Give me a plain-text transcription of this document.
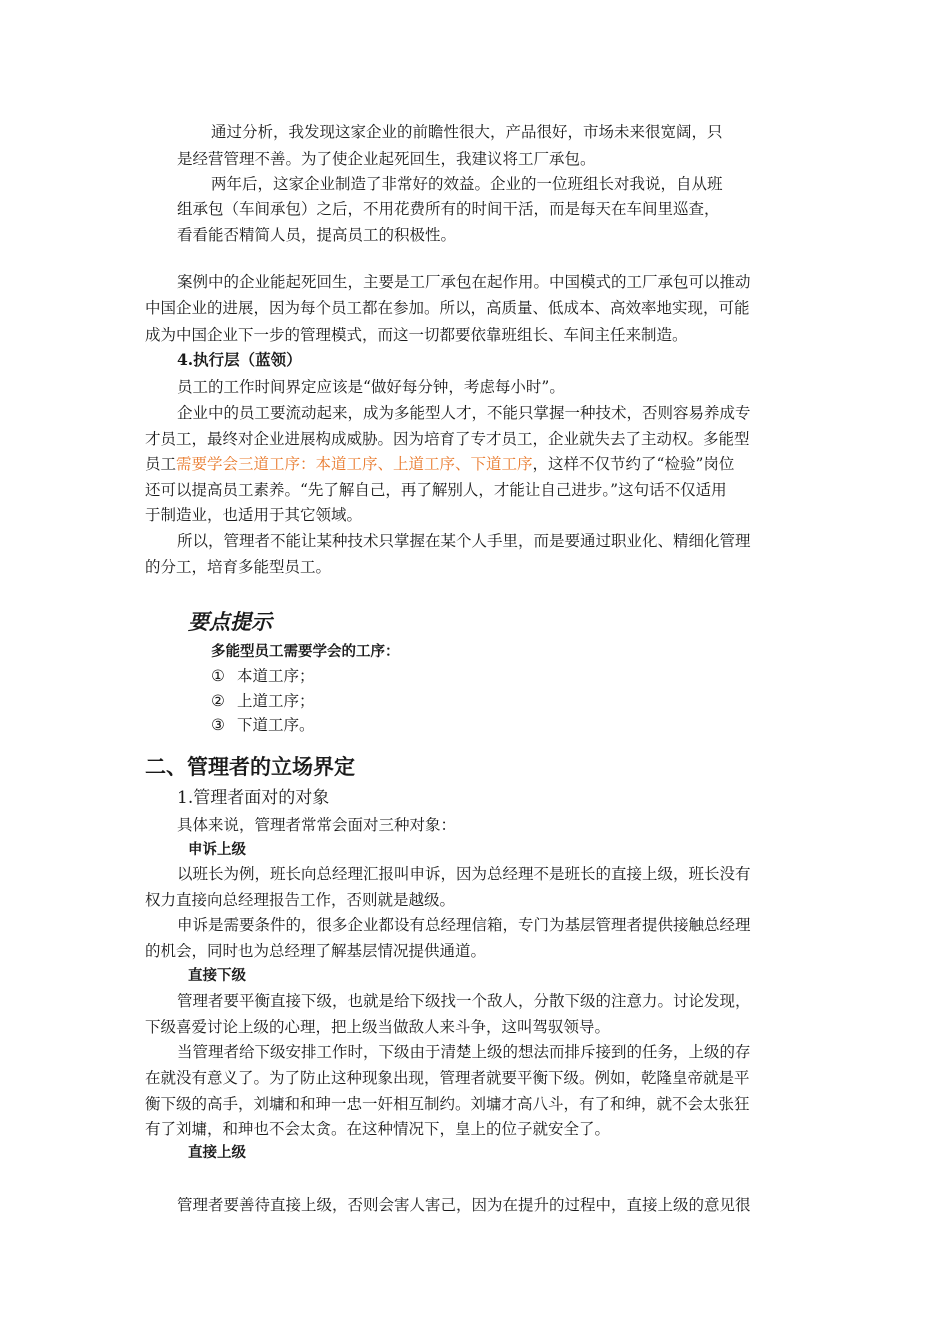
通过分析，我发现这家企业的前瞻性很大，产品很好，市场未来很宽阔，只
是经营管理不善。为了使企业起死回生，我建议将工厂承包。
两年后，这家企业制造了非常好的效益。企业的一位班组长对我说，自从班
组承包（车间承包）之后，不用花费所有的时间干活，而是每天在车间里巡查，
看看能否精简人员，提高员工的积极性。
案例中的企业能起死回生，主要是工厂承包在起作用。中国模式的工厂承包可以推动
中国企业的进展，因为每个员工都在参加。所以，高质量、低成本、高效率地实现，可能
成为中国企业下一步的管理模式，而这一切都要依靠班组长、车间主任来制造。
4.执行层（蓝领）
员工的工作时间界定应该是“做好每分钟，考虑每小时”。
企业中的员工要流动起来，成为多能型人才，不能只掌握一种技术，否则容易养成专
才员工，最终对企业进展构成威胁。因为培育了专才员工，企业就失去了主动权。多能型
员工需要学会三道工序：本道工序、上道工序、下道工序，这样不仅节约了“检验”岗位
还可以提高员工素养。“先了解自己，再了解别人，才能让自己进步。”这句话不仅适用
于制造业，也适用于其它领域。
所以，管理者不能让某种技术只掌握在某个人手里，而是要通过职业化、精细化管理
的分工，培育多能型员工。
要点提示
多能型员工需要学会的工序：
① 本道工序；
② 上道工序；
③ 下道工序。
二、管理者的立场界定
1.管理者面对的对象
具体来说，管理者常常会面对三种对象：
申诉上级
以班长为例，班长向总经理汇报叫申诉，因为总经理不是班长的直接上级，班长没有
权力直接向总经理报告工作，否则就是越级。
申诉是需要条件的，很多企业都设有总经理信箱，专门为基层管理者提供接触总经理
的机会，同时也为总经理了解基层情况提供通道。
直接下级
管理者要平衡直接下级，也就是给下级找一个敌人，分散下级的注意力。讨论发现，
下级喜爱讨论上级的心理，把上级当做敌人来斗争，这叫驾驭领导。
当管理者给下级安排工作时，下级由于清楚上级的想法而排斥接到的任务，上级的存
在就没有意义了。为了防止这种现象出现，管理者就要平衡下级。例如，乾隆皇帝就是平
衡下级的高手，刘墉和和珅一忠一奸相互制约。刘墉才高八斗，有了和绅，就不会太张狂
有了刘墉，和珅也不会太贪。在这种情况下，皇上的位子就安全了。
直接上级
管理者要善待直接上级，否则会害人害己，因为在提升的过程中，直接上级的意见很
